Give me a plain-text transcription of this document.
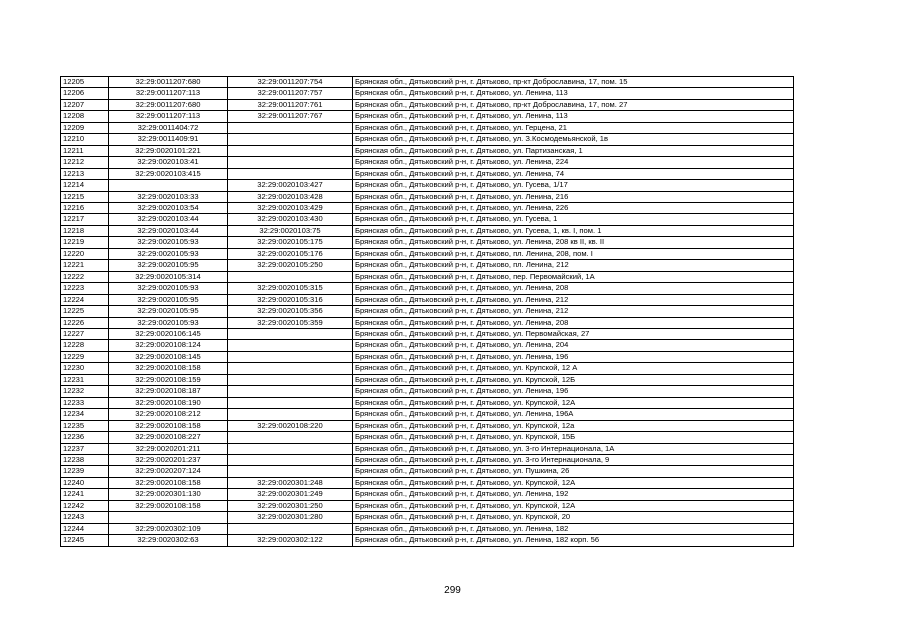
12205	32:29:0011207:680	32:29:0011207:754	Брянская обл., Дятьковский р-н, г. Дятьково, пр-кт Доброславина, 17, пом. 15
12206	32:29:0011207:113	32:29:0011207:757	Брянская обл., Дятьковский р-н, г. Дятьково, ул. Ленина, 113
12207	32:29:0011207:680	32:29:0011207:761	Брянская обл., Дятьковский р-н, г. Дятьково, пр-кт Доброславина, 17, пом. 27
12208	32:29:0011207:113	32:29:0011207:767	Брянская обл., Дятьковский р-н, г. Дятьково, ул. Ленина, 113
12209	32:29:0011404:72		Брянская обл., Дятьковский р-н, г. Дятьково, ул. Герцена, 21
12210	32:29:0011409:91		Брянская обл., Дятьковский р-н, г. Дятьково, ул. З.Космодемьянской, 1в
12211	32:29:0020101:221		Брянская обл., Дятьковский р-н, г. Дятьково, ул. Партизанская, 1
12212	32:29:0020103:41		Брянская обл., Дятьковский р-н, г. Дятьково, ул. Ленина, 224
12213	32:29:0020103:415		Брянская обл., Дятьковский р-н, г. Дятьково, ул. Ленина, 74
12214		32:29:0020103:427	Брянская обл., Дятьковский р-н, г. Дятьково, ул. Гусева, 1/17
12215	32:29:0020103:33	32:29:0020103:428	Брянская обл., Дятьковский р-н, г. Дятьково, ул. Ленина, 216
12216	32:29:0020103:54	32:29:0020103:429	Брянская обл., Дятьковский р-н, г. Дятьково, ул. Ленина, 226
12217	32:29:0020103:44	32:29:0020103:430	Брянская обл., Дятьковский р-н, г. Дятьково, ул. Гусева, 1
12218	32:29:0020103:44	32:29:0020103:75	Брянская обл., Дятьковский р-н, г. Дятьково, ул. Гусева, 1, кв. I, пом. 1
12219	32:29:0020105:93	32:29:0020105:175	Брянская обл., Дятьковский р-н, г. Дятьково, ул. Ленина, 208 кв II, кв. II
12220	32:29:0020105:93	32:29:0020105:176	Брянская обл., Дятьковский р-н, г. Дятьково, пл. Ленина, 208, пом. I
12221	32:29:0020105:95	32:29:0020105:250	Брянская обл., Дятьковский р-н, г. Дятьково, пл. Ленина, 212
12222	32:29:0020105:314		Брянская обл., Дятьковский р-н, г. Дятьково, пер. Первомайский, 1А
12223	32:29:0020105:93	32:29:0020105:315	Брянская обл., Дятьковский р-н, г. Дятьково, ул. Ленина, 208
12224	32:29:0020105:95	32:29:0020105:316	Брянская обл., Дятьковский р-н, г. Дятьково, ул. Ленина, 212
12225	32:29:0020105:95	32:29:0020105:356	Брянская обл., Дятьковский р-н, г. Дятьково, ул. Ленина, 212
12226	32:29:0020105:93	32:29:0020105:359	Брянская обл., Дятьковский р-н, г. Дятьково, ул. Ленина, 208
12227	32:29:0020106:145		Брянская обл., Дятьковский р-н, г. Дятьково, ул. Первомайская, 27
12228	32:29:0020108:124		Брянская обл., Дятьковский р-н, г. Дятьково, ул. Ленина, 204
12229	32:29:0020108:145		Брянская обл., Дятьковский р-н, г. Дятьково, ул. Ленина, 196
12230	32:29:0020108:158		Брянская обл., Дятьковский р-н, г. Дятьково, ул. Крупской, 12 А
12231	32:29:0020108:159		Брянская обл., Дятьковский р-н, г. Дятьково, ул. Крупской, 12Б
12232	32:29:0020108:187		Брянская обл., Дятьковский р-н, г. Дятьково, ул. Ленина, 196
12233	32:29:0020108:190		Брянская обл., Дятьковский р-н, г. Дятьково, ул. Крупской, 12А
12234	32:29:0020108:212		Брянская обл., Дятьковский р-н, г. Дятьково, ул. Ленина, 196А
12235	32:29:0020108:158	32:29:0020108:220	Брянская обл., Дятьковский р-н, г. Дятьково, ул. Крупской, 12а
12236	32:29:0020108:227		Брянская обл., Дятьковский р-н, г. Дятьково, ул. Крупской, 15Б
12237	32:29:0020201:211		Брянская обл., Дятьковский р-н, г. Дятьково, ул. 3-го Интернационала, 1А
12238	32:29:0020201:237		Брянская обл., Дятьковский р-н, г. Дятьково, ул. 3-го Интернационала, 9
12239	32:29:0020207:124		Брянская обл., Дятьковский р-н, г. Дятьково, ул. Пушкина, 26
12240	32:29:0020108:158	32:29:0020301:248	Брянская обл., Дятьковский р-н, г. Дятьково, ул. Крупской, 12А
12241	32:29:0020301:130	32:29:0020301:249	Брянская обл., Дятьковский р-н, г. Дятьково, ул. Ленина, 192
12242	32:29:0020108:158	32:29:0020301:250	Брянская обл., Дятьковский р-н, г. Дятьково, ул. Крупской, 12А
12243		32:29:0020301:280	Брянская обл., Дятьковский р-н, г. Дятьково, ул. Крупской, 20
12244	32:29:0020302:109		Брянская обл., Дятьковский р-н, г. Дятьково, ул. Ленина, 182
12245	32:29:0020302:63	32:29:0020302:122	Брянская обл., Дятьковский р-н, г. Дятьково, ул. Ленина, 182 корп. 56
299
